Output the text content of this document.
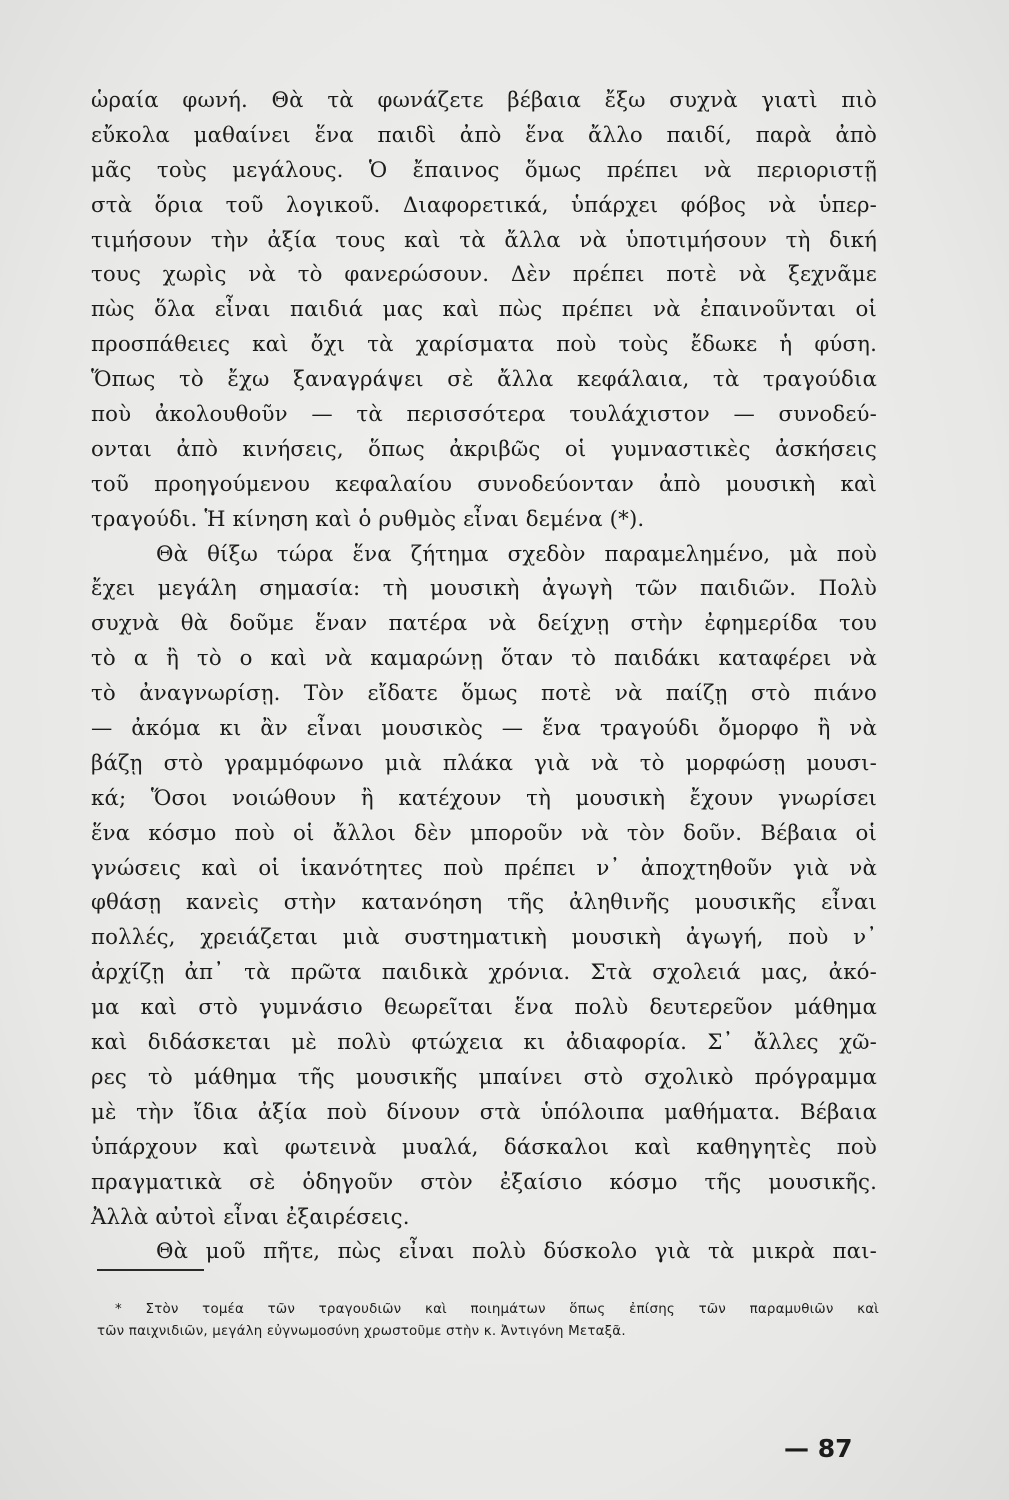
ὡραία φωνή. Θὰ τὰ φωνάζετε βέβαια ἔξω συχνὰ γιατὶ πιὸ
εὔκολα μαθαίνει ἕνα παιδὶ ἀπὸ ἕνα ἄλλο παιδί, παρὰ ἀπὸ
μᾶς τοὺς μεγάλους. Ὁ ἔπαινος ὅμως πρέπει νὰ περιοριστῇ
στὰ ὅρια τοῦ λογικοῦ. Διαφορετικά, ὑπάρχει φόβος νὰ ὑπερ-
τιμήσουν τὴν ἀξία τους καὶ τὰ ἄλλα νὰ ὑποτιμήσουν τὴ δική
τους χωρὶς νὰ τὸ φανερώσουν. Δὲν πρέπει ποτὲ νὰ ξεχνᾶμε
πὼς ὅλα εἶναι παιδιά μας καὶ πὼς πρέπει νὰ ἐπαινοῦνται οἱ
προσπάθειες καὶ ὄχι τὰ χαρίσματα ποὺ τοὺς ἔδωκε ἡ φύση.
Ὅπως τὸ ἔχω ξαναγράψει σὲ ἄλλα κεφάλαια, τὰ τραγούδια
ποὺ ἀκολουθοῦν — τὰ περισσότερα τουλάχιστον — συνοδεύ-
ονται ἀπὸ κινήσεις, ὅπως ἀκριβῶς οἱ γυμναστικὲς ἀσκήσεις
τοῦ προηγούμενου κεφαλαίου συνοδεύονταν ἀπὸ μουσικὴ καὶ
τραγούδι. Ἡ κίνηση καὶ ὁ ρυθμὸς εἶναι δεμένα (*).
Θὰ θίξω τώρα ἕνα ζήτημα σχεδὸν παραμελημένο, μὰ ποὺ
ἔχει μεγάλη σημασία: τὴ μουσικὴ ἀγωγὴ τῶν παιδιῶν. Πολὺ
συχνὰ θὰ δοῦμε ἕναν πατέρα νὰ δείχνῃ στὴν ἐφημερίδα του
τὸ α ἢ τὸ ο καὶ νὰ καμαρώνῃ ὅταν τὸ παιδάκι καταφέρει νὰ
τὸ ἀναγνωρίσῃ. Τὸν εἴδατε ὅμως ποτὲ νὰ παίζῃ στὸ πιάνο
— ἀκόμα κι ἂν εἶναι μουσικὸς — ἕνα τραγούδι ὄμορφο ἢ νὰ
βάζῃ στὸ γραμμόφωνο μιὰ πλάκα γιὰ νὰ τὸ μορφώσῃ μουσι-
κά; Ὅσοι νοιώθουν ἢ κατέχουν τὴ μουσικὴ ἔχουν γνωρίσει
ἕνα κόσμο ποὺ οἱ ἄλλοι δὲν μποροῦν νὰ τὸν δοῦν. Βέβαια οἱ
γνώσεις καὶ οἱ ἱκανότητες ποὺ πρέπει ν᾿ ἀποχτηθοῦν γιὰ νὰ
φθάσῃ κανεὶς στὴν κατανόηση τῆς ἀληθινῆς μουσικῆς εἶναι
πολλές, χρειάζεται μιὰ συστηματικὴ μουσικὴ ἀγωγή, ποὺ ν᾿
ἀρχίζῃ ἀπ᾿ τὰ πρῶτα παιδικὰ χρόνια. Στὰ σχολειά μας, ἀκό-
μα καὶ στὸ γυμνάσιο θεωρεῖται ἕνα πολὺ δευτερεῦον μάθημα
καὶ διδάσκεται μὲ πολὺ φτώχεια κι ἀδιαφορία. Σ᾿ ἄλλες χῶ-
ρες τὸ μάθημα τῆς μουσικῆς μπαίνει στὸ σχολικὸ πρόγραμμα
μὲ τὴν ἴδια ἀξία ποὺ δίνουν στὰ ὑπόλοιπα μαθήματα. Βέβαια
ὑπάρχουν καὶ φωτεινὰ μυαλά, δάσκαλοι καὶ καθηγητὲς ποὺ
πραγματικὰ σὲ ὁδηγοῦν στὸν ἐξαίσιο κόσμο τῆς μουσικῆς.
Ἀλλὰ αὐτοὶ εἶναι ἐξαιρέσεις.
Θὰ μοῦ πῆτε, πὼς εἶναι πολὺ δύσκολο γιὰ τὰ μικρὰ παι-
* Στὸν τομέα τῶν τραγουδιῶν καὶ ποιημάτων ὅπως ἐπίσης τῶν παραμυθιῶν καὶ
τῶν παιχνιδιῶν, μεγάλη εὐγνωμοσύνη χρωστοῦμε στὴν κ. Ἀντιγόνη Μεταξᾶ.
— 87
